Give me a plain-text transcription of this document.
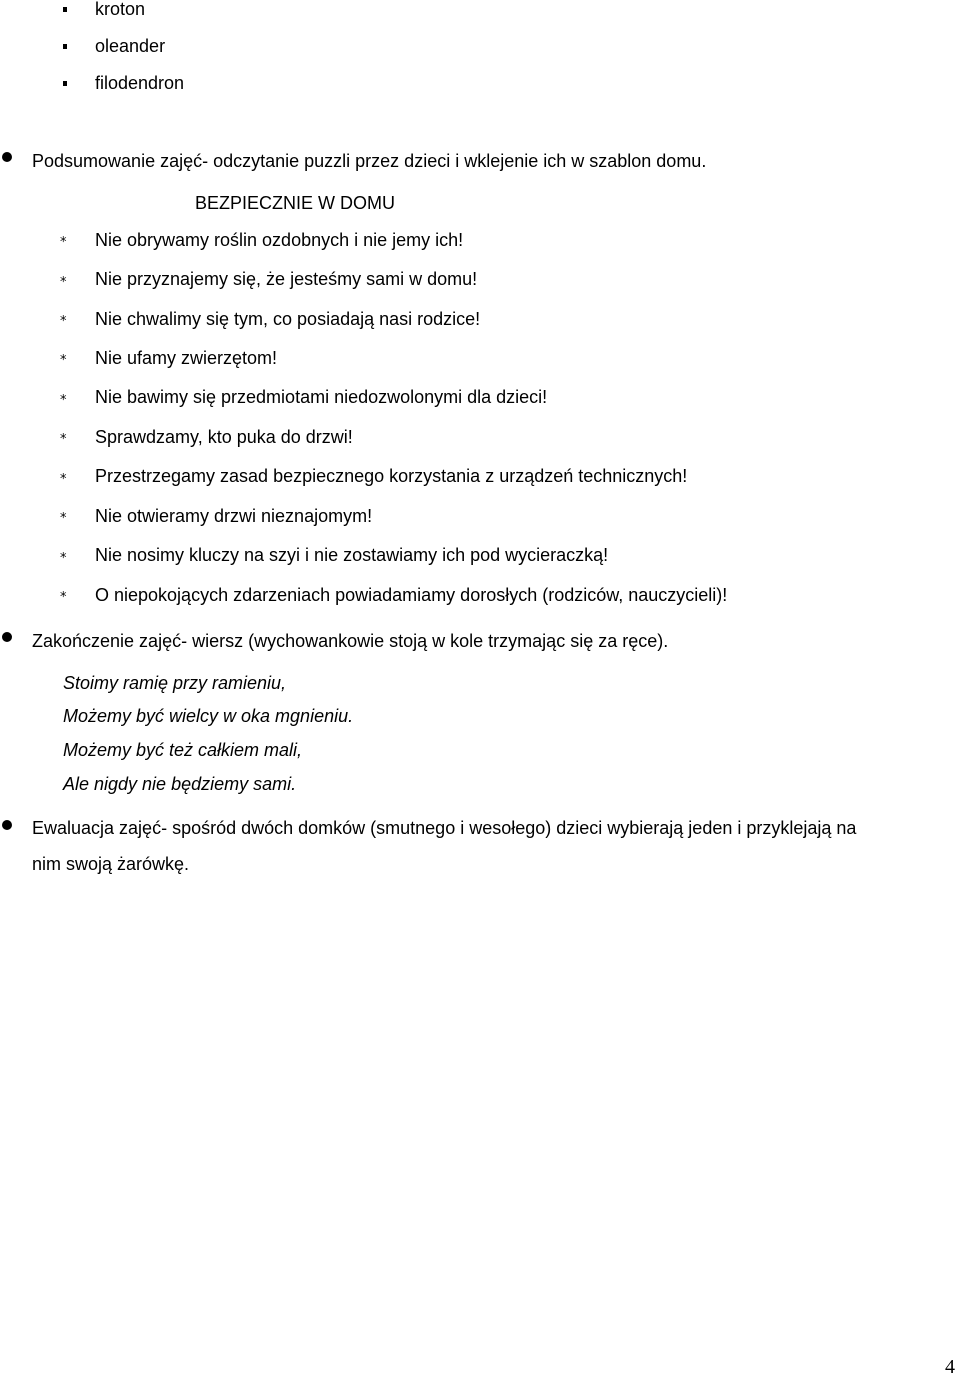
kroton
oleander
filodendron
Podsumowanie zajęć- odczytanie puzzli przez dzieci i wklejenie ich w szablon domu.
BEZPIECZNIE W DOMU
* Nie obrywamy roślin ozdobnych i nie jemy ich!
* Nie przyznajemy się, że jesteśmy sami w domu!
* Nie chwalimy się tym, co posiadają nasi rodzice!
* Nie ufamy zwierzętom!
* Nie bawimy się przedmiotami niedozwolonymi dla dzieci!
* Sprawdzamy, kto puka do drzwi!
* Przestrzegamy zasad bezpiecznego korzystania z urządzeń technicznych!
* Nie otwieramy drzwi nieznajomym!
* Nie nosimy kluczy na szyi i nie zostawiamy ich pod wycieraczką!
* O niepokojących zdarzeniach powiadamiamy dorosłych (rodziców, nauczycieli)!
Zakończenie zajęć- wiersz (wychowankowie stoją w kole trzymając się za ręce).
Stoimy ramię przy ramieniu,
Możemy być wielcy w oka mgnieniu.
Możemy być też całkiem mali,
Ale nigdy nie będziemy sami.
Ewaluacja zajęć- spośród dwóch domków (smutnego i wesołego) dzieci wybierają jeden i przyklejają na
nim swoją żarówkę.
4
